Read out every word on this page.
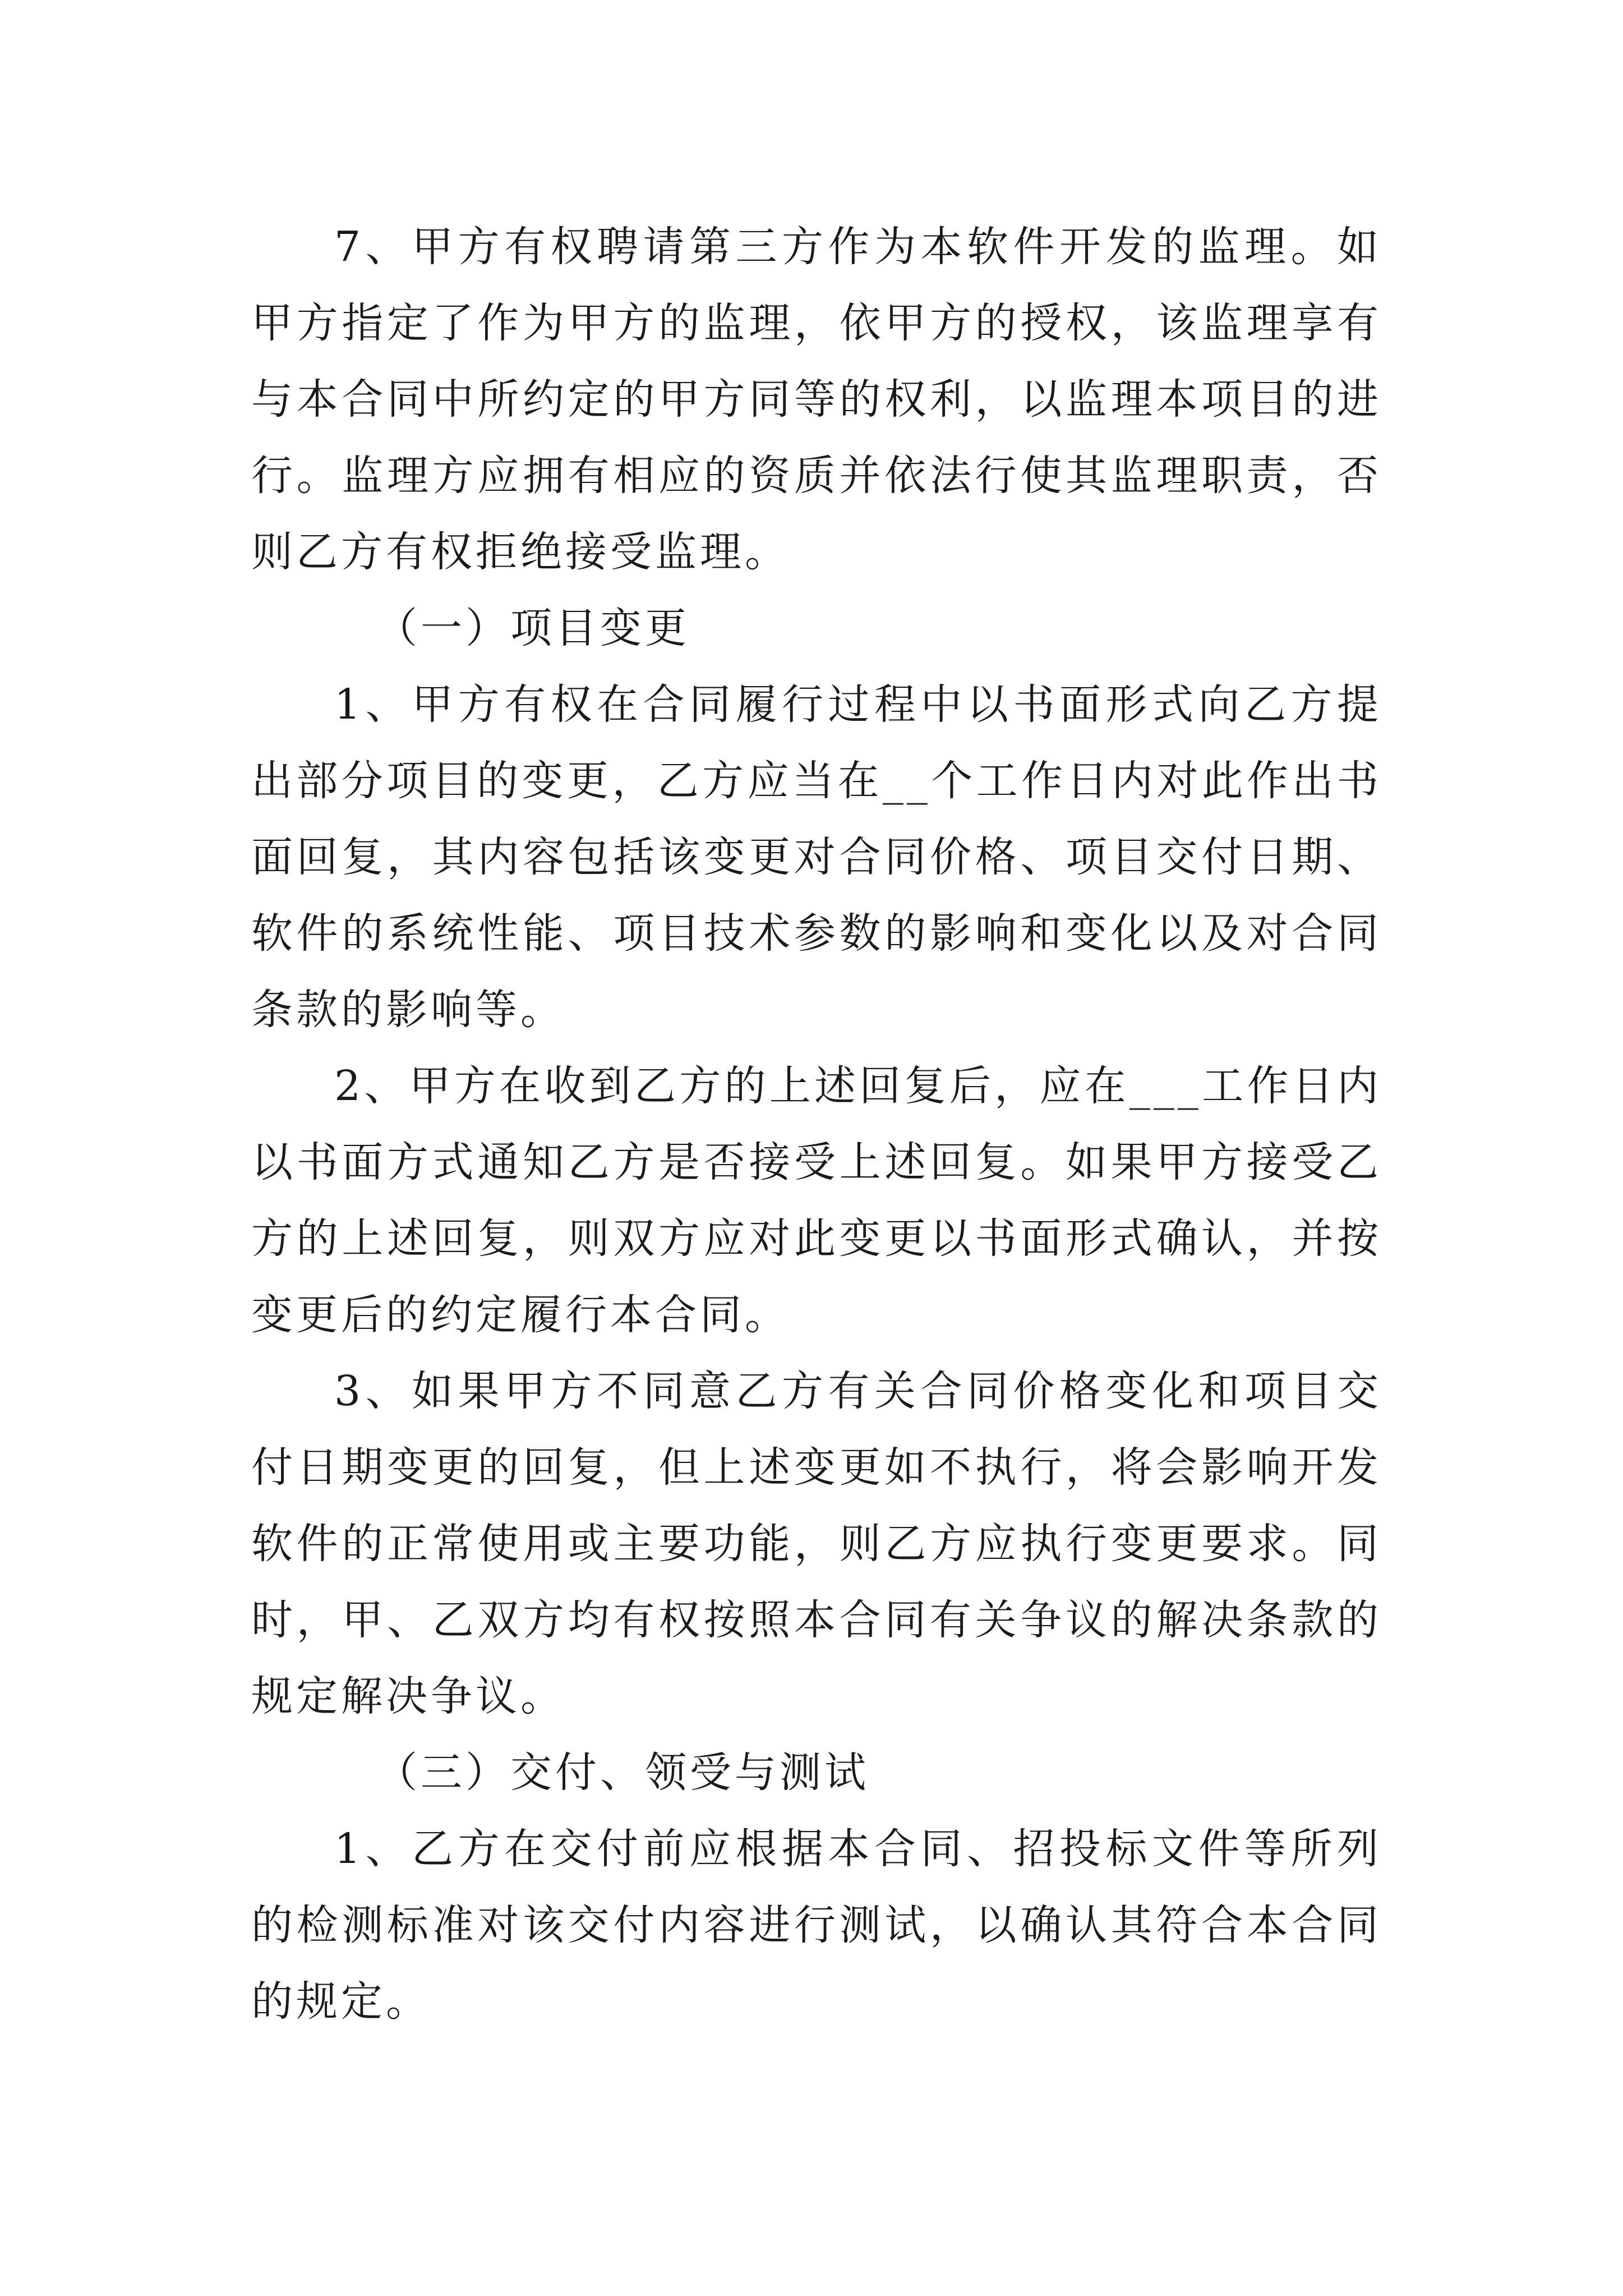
7、甲方有权聘请第三方作为本软件开发的监理。如甲方指定了作为甲方的监理，依甲方的授权，该监理享有与本合同中所约定的甲方同等的权利，以监理本项目的进行。监理方应拥有相应的资质并依法行使其监理职责，否则乙方有权拒绝接受监理。

（一）项目变更

1、甲方有权在合同履行过程中以书面形式向乙方提出部分项目的变更，乙方应当在__个工作日内对此作出书面回复，其内容包括该变更对合同价格、项目交付日期、软件的系统性能、项目技术参数的影响和变化以及对合同条款的影响等。

2、甲方在收到乙方的上述回复后，应在___工作日内以书面方式通知乙方是否接受上述回复。如果甲方接受乙方的上述回复，则双方应对此变更以书面形式确认，并按变更后的约定履行本合同。

3、如果甲方不同意乙方有关合同价格变化和项目交付日期变更的回复，但上述变更如不执行，将会影响开发软件的正常使用或主要功能，则乙方应执行变更要求。同时，甲、乙双方均有权按照本合同有关争议的解决条款的规定解决争议。

（三）交付、领受与测试

1、乙方在交付前应根据本合同、招投标文件等所列的检测标准对该交付内容进行测试，以确认其符合本合同的规定。
